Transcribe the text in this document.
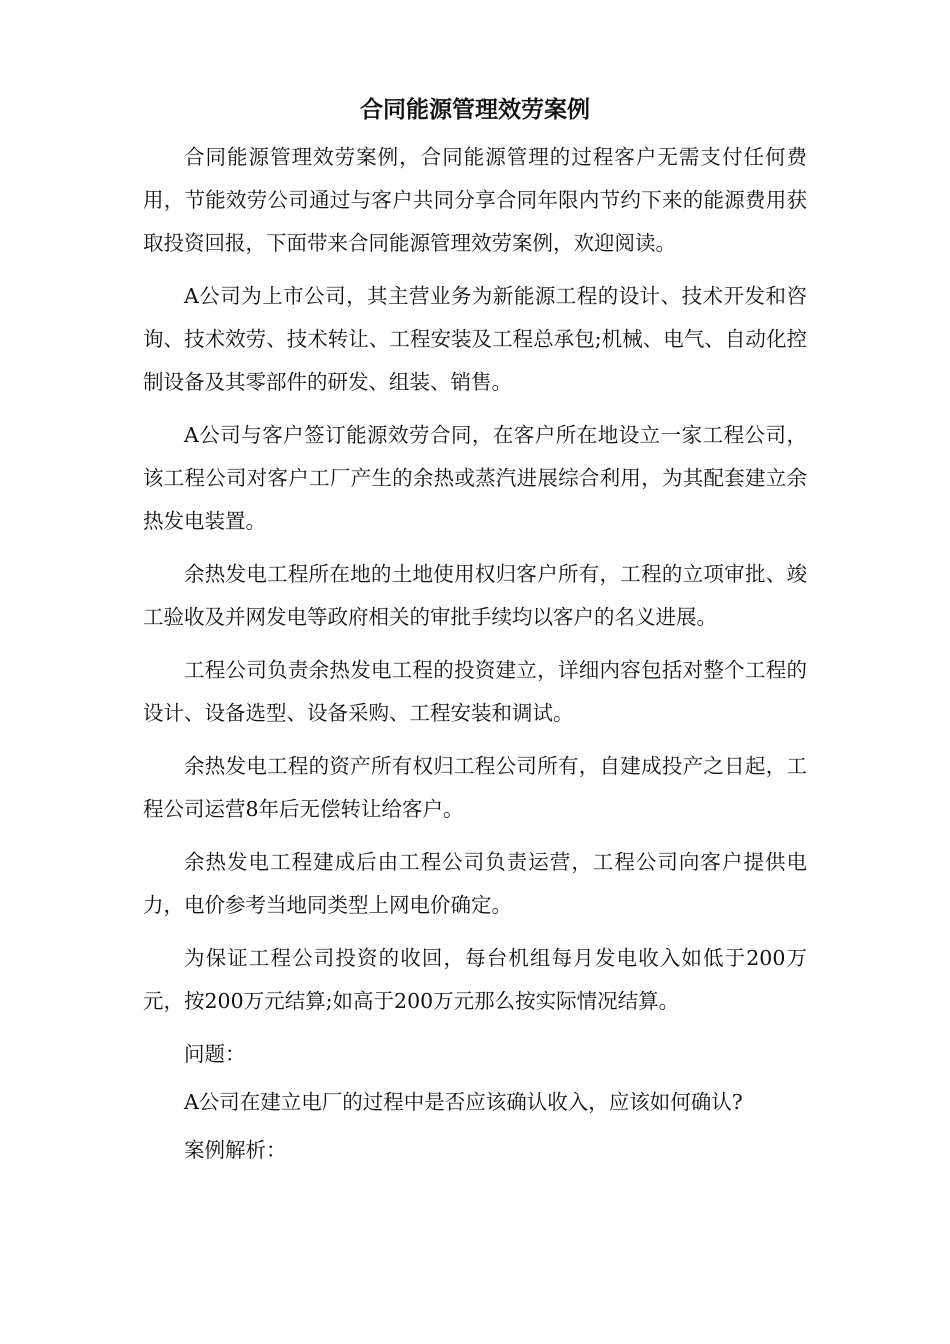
合同能源管理效劳案例

合同能源管理效劳案例，合同能源管理的过程客户无需支付任何费用，节能效劳公司通过与客户共同分享合同年限内节约下来的能源费用获取投资回报，下面带来合同能源管理效劳案例，欢迎阅读。

A公司为上市公司，其主营业务为新能源工程的设计、技术开发和咨询、技术效劳、技术转让、工程安装及工程总承包;机械、电气、自动化控制设备及其零部件的研发、组装、销售。

A公司与客户签订能源效劳合同，在客户所在地设立一家工程公司，该工程公司对客户工厂产生的余热或蒸汽进展综合利用，为其配套建立余热发电装置。

余热发电工程所在地的土地使用权归客户所有，工程的立项审批、竣工验收及并网发电等政府相关的审批手续均以客户的名义进展。

工程公司负责余热发电工程的投资建立，详细内容包括对整个工程的设计、设备选型、设备采购、工程安装和调试。

余热发电工程的资产所有权归工程公司所有，自建成投产之日起，工程公司运营8年后无偿转让给客户。

余热发电工程建成后由工程公司负责运营，工程公司向客户提供电力，电价参考当地同类型上网电价确定。

为保证工程公司投资的收回，每台机组每月发电收入如低于200万元，按200万元结算;如高于200万元那么按实际情况结算。

问题：

A公司在建立电厂的过程中是否应该确认收入，应该如何确认?

案例解析：
